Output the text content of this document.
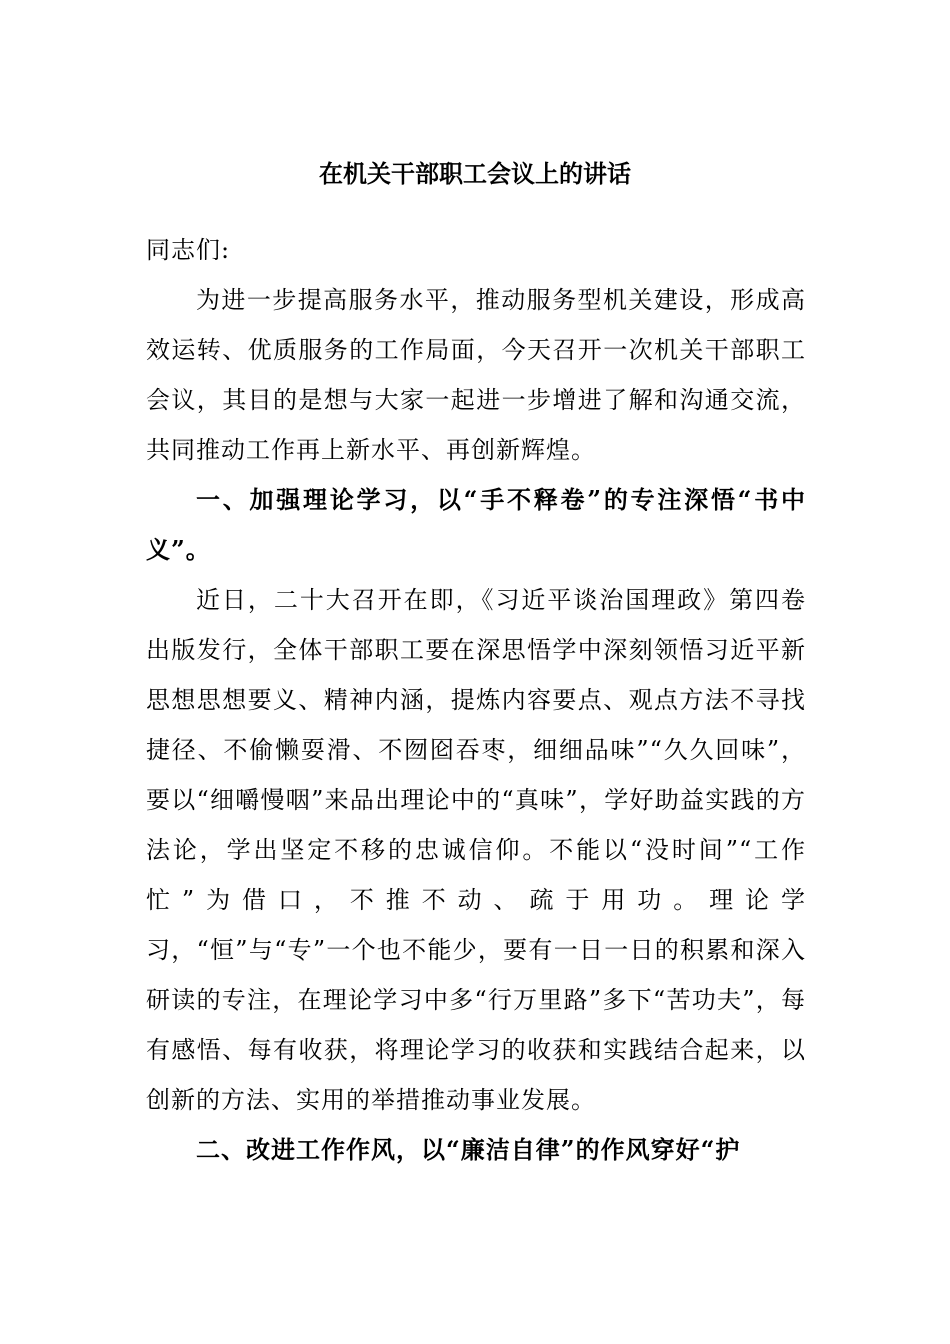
在机关干部职工会议上的讲话

同志们:

为进一步提高服务水平，推动服务型机关建设，形成高效运转、优质服务的工作局面，今天召开一次机关干部职工会议，其目的是想与大家一起进一步增进了解和沟通交流，共同推动工作再上新水平、再创新辉煌。

一、加强理论学习，以“手不释卷”的专注深悟“书中义”。

近日，二十大召开在即，《习近平谈治国理政》第四卷出版发行，全体干部职工要在深思悟学中深刻领悟习近平新思想思想要义、精神内涵，提炼内容要点、观点方法不寻找捷径、不偷懒耍滑、不囫囵吞枣，细细品味”“久久回味”，要以“细嚼慢咽”来品出理论中的“真味”，学好助益实践的方法论，学出坚定不移的忠诚信仰。不能以“没时间”“工作忙”为借口，不推不动、疏于用功。理论学习，“恒”与“专”一个也不能少，要有一日一日的积累和深入研读的专注，在理论学习中多“行万里路”多下“苦功夫”，每有感悟、每有收获，将理论学习的收获和实践结合起来，以创新的方法、实用的举措推动事业发展。

二、改进工作作风，以“廉洁自律”的作风穿好“护
